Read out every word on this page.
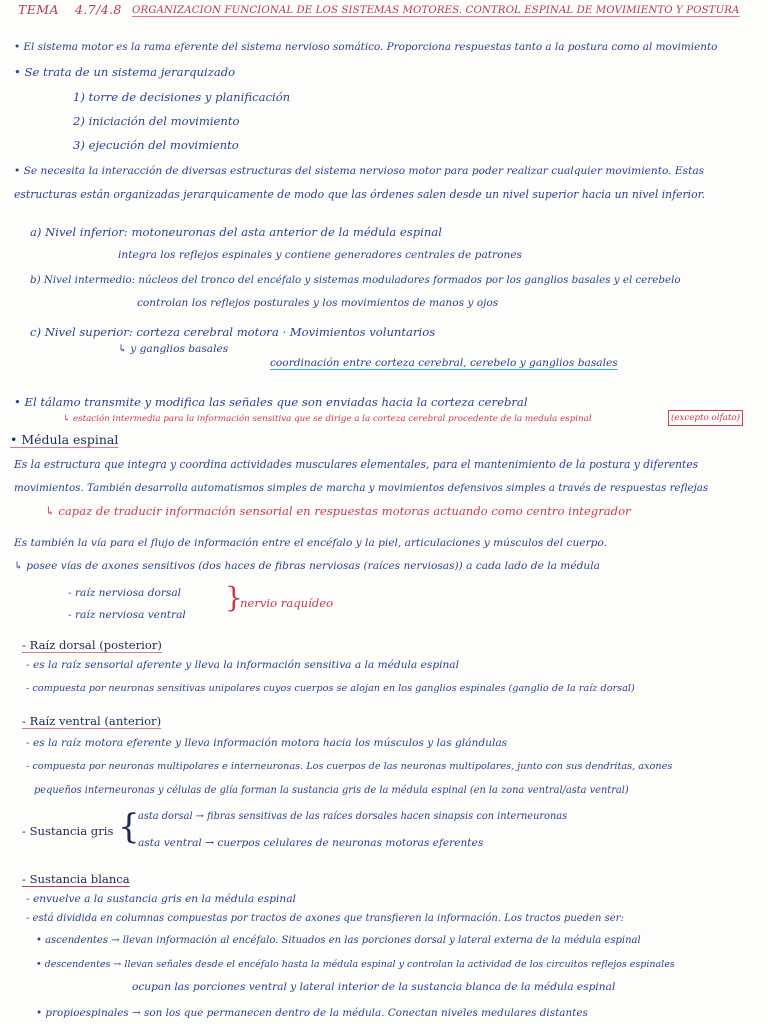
TEMA 4.7/4.8 ORGANIZACION FUNCIONAL DE LOS SISTEMAS MOTORES. CONTROL ESPINAL DE MOVIMIENTO Y POSTURA
• El sistema motor es la rama eferente del sistema nervioso somático. Proporciona respuestas tanto a la postura como al movimiento
• Se trata de un sistema jerarquizado
1) torre de decisiones y planificación
2) iniciación del movimiento
3) ejecución del movimiento
• Se necesita la interacción de diversas estructuras del sistema nervioso motor para poder realizar cualquier movimiento. Estas
estructuras están organizadas jerarquicamente de modo que las órdenes salen desde un nivel superior hacia un nivel inferior.
a) Nivel inferior: motoneuronas del asta anterior de la médula espinal
integra los reflejos espinales y contiene generadores centrales de patrones
b) Nivel intermedio: núcleos del tronco del encéfalo y sistemas moduladores formados por los ganglios basales y el cerebelo
controlan los reflejos posturales y los movimientos de manos y ojos
c) Nivel superior: corteza cerebral motora · Movimientos voluntarios
↳ y ganglios basales
coordinación entre corteza cerebral, cerebelo y ganglios basales
• El tálamo transmite y modifica las señales que son enviadas hacia la corteza cerebral
↳ estación intermedia para la información sensitiva que se dirige a la corteza cerebral procedente de la medula espinal	(excepto olfato)
• Médula espinal
Es la estructura que integra y coordina actividades musculares elementales, para el mantenimiento de la postura y diferentes
movimientos. También desarrolla automatismos simples de marcha y movimientos defensivos simples a través de respuestas reflejas
↳ capaz de traducir información sensorial en respuestas motoras actuando como centro integrador
Es también la vía para el flujo de información entre el encéfalo y la piel, articulaciones y músculos del cuerpo.
↳ posee vías de axones sensitivos (dos haces de fibras nerviosas (raíces nerviosas)) a cada lado de la médula
- raíz nerviosa dorsal
- raíz nerviosa ventral
}
nervio raquídeo
- Raíz dorsal (posterior)
- es la raíz sensorial aferente y lleva la información sensitiva a la médula espinal
- compuesta por neuronas sensitivas unipolares cuyos cuerpos se alojan en los ganglios espinales (ganglio de la raíz dorsal)
- Raíz ventral (anterior)
- es la raíz motora eferente y lleva información motora hacia los músculos y las glándulas
- compuesta por neuronas multipolares e interneuronas. Los cuerpos de las neuronas multipolares, junto con sus dendritas, axones
pequeños interneuronas y células de glía forman la sustancia gris de la médula espinal (en la zona ventral/asta ventral)
- Sustancia gris {
asta dorsal → fibras sensitivas de las raíces dorsales hacen sinapsis con interneuronas
asta ventral → cuerpos celulares de neuronas motoras eferentes
- Sustancia blanca
- envuelve a la sustancia gris en la médula espinal
- está dividida en columnas compuestas por tractos de axones que transfieren la información. Los tractos pueden ser:
• ascendentes → llevan información al encéfalo. Situados en las porciones dorsal y lateral externa de la médula espinal
• descendentes → llevan señales desde el encéfalo hasta la médula espinal y controlan la actividad de los circuitos reflejos espinales
ocupan las porciones ventral y lateral interior de la sustancia blanca de la médula espinal
• propioespinales → son los que permanecen dentro de la médula. Conectan niveles medulares distantes
